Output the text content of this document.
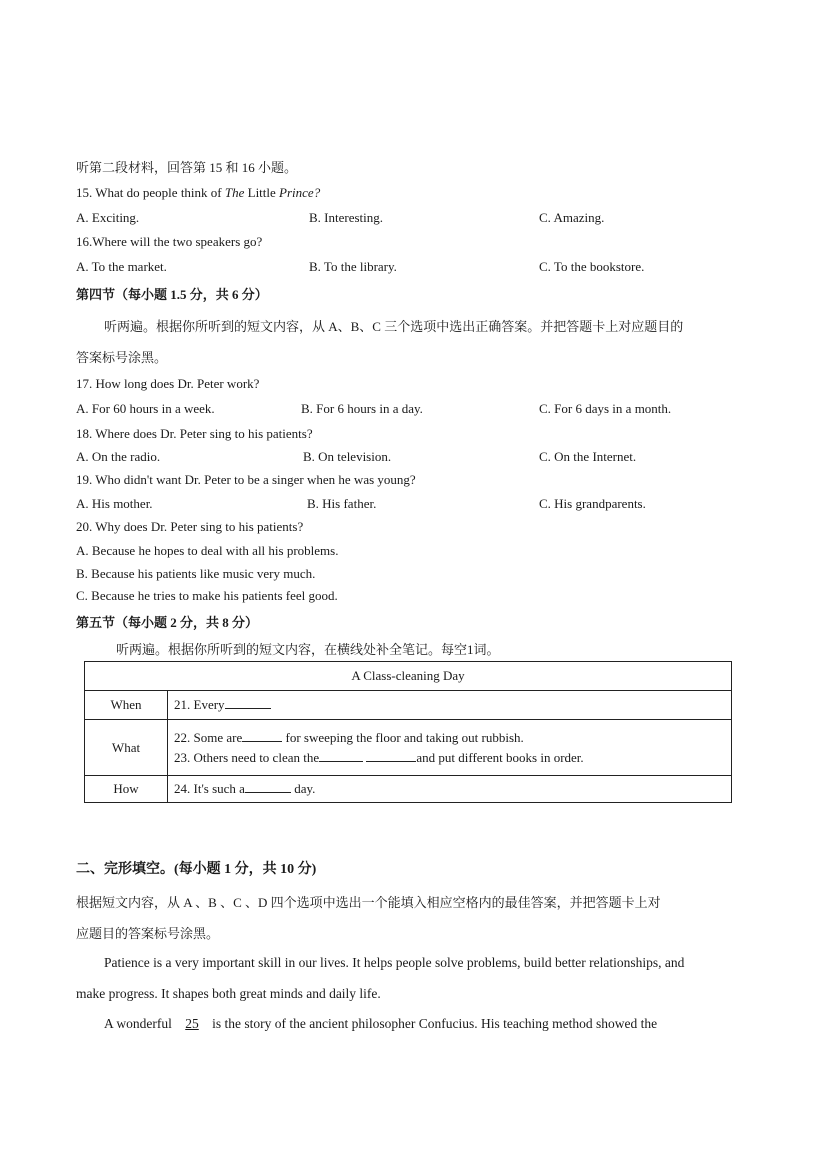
听第二段材料，回答第 15 和 16 小题。
15. What do people think of The Little Prince?
A. Exciting.	B. Interesting.	C. Amazing.
16.Where will the two speakers go?
A. To the market.	B. To the library.	C. To the bookstore.
第四节（每小题 1.5 分，共 6 分）
听两遍。根据你所听到的短文内容，从 A、B、C 三个选项中选出正确答案。并把答题卡上对应题目的
答案标号涂黑。
17. How long does Dr. Peter work?
A. For 60 hours in a week.	B. For 6 hours in a day.	C. For 6 days in a month.
18. Where does Dr. Peter sing to his patients?
A. On the radio.	B. On television.	C. On the Internet.
19. Who didn't want Dr. Peter to be a singer when he was young?
A. His mother.	B. His father.	C. His grandparents.
20. Why does Dr. Peter sing to his patients?
A. Because he hopes to deal with all his problems.
B. Because his patients like music very much.
C. Because he tries to make his patients feel good.
第五节（每小题 2 分，共 8 分）
听两遍。根据你所听到的短文内容，在横线处补全笔记。每空1词。
A Class-cleaning Day	
When	21. Every
What	22. Some are for sweeping the floor and taking out rubbish.
23. Others need to clean the and put different books in order.

How	24. It's such a day.
二、完形填空。(每小题 1 分，共 10 分)
根据短文内容，从 A 、B 、C 、D 四个选项中选出一个能填入相应空格内的最佳答案，并把答题卡上对
应题目的答案标号涂黑。
Patience is a very important skill in our lives. It helps people solve problems, build better relationships, and
make progress. It shapes both great minds and daily life.
A wonderful 25 is the story of the ancient philosopher Confucius. His teaching method showed the
